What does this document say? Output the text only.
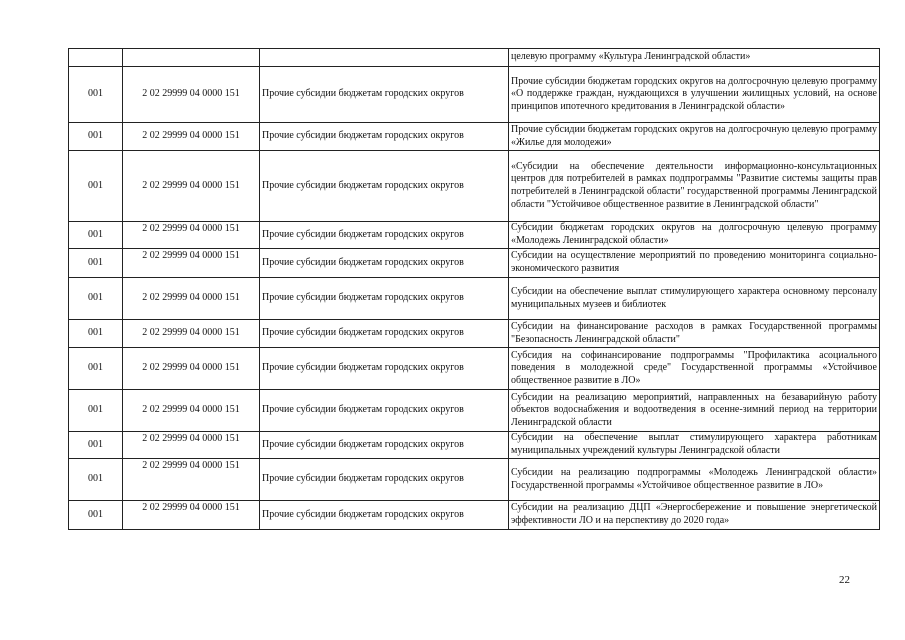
			целевую программу «Культура Ленинградской области»
001	2 02 29999 04 0000 151	Прочие субсидии бюджетам городских округов	Прочие субсидии бюджетам городских округов на долгосрочную целевую программу «О поддержке граждан, нуждающихся в улучшении жилищных условий, на основе принципов ипотечного кредитования в Ленинградской области»
001	2 02 29999 04 0000 151	Прочие субсидии бюджетам городских округов	Прочие субсидии бюджетам городских округов на долгосрочную целевую программу «Жилье для молодежи»
001	2 02 29999 04 0000 151	Прочие субсидии бюджетам городских округов	«Субсидии на обеспечение деятельности информационно-консультационных центров для потребителей в рамках подпрограммы "Развитие системы защиты прав потребителей в Ленинградской области" государственной программы Ленинградской области "Устойчивое общественное развитие в Ленинградской области"
001	2 02 29999 04 0000 151	Прочие субсидии бюджетам городских округов	Субсидии бюджетам городских округов на долгосрочную целевую программу «Молодежь Ленинградской области»
001	2 02 29999 04 0000 151	Прочие субсидии бюджетам городских округов	Субсидии на осуществление мероприятий по проведению мониторинга социально-экономического развития
001	2 02 29999 04 0000 151	Прочие субсидии бюджетам городских округов	Субсидии на обеспечение выплат стимулирующего характера основному персоналу муниципальных музеев и библиотек
001	2 02 29999 04 0000 151	Прочие субсидии бюджетам городских округов	Субсидии на финансирование расходов в рамках Государственной программы "Безопасность Ленинградской области"
001	2 02 29999 04 0000 151	Прочие субсидии бюджетам городских округов	Субсидия на софинансирование подпрограммы "Профилактика асоциального поведения в молодежной среде" Государственной программы «Устойчивое общественное развитие в ЛО»
001	2 02 29999 04 0000 151	Прочие субсидии бюджетам городских округов	Субсидии на реализацию мероприятий, направленных на безаварийную работу объектов водоснабжения и водоотведения в осенне-зимний период на территории Ленинградской области
001	2 02 29999 04 0000 151	Прочие субсидии бюджетам городских округов	Субсидии на обеспечение выплат стимулирующего характера работникам муниципальных учреждений культуры Ленинградской области
001	2 02 29999 04 0000 151	Прочие субсидии бюджетам городских округов	Субсидии на реализацию подпрограммы «Молодежь Ленинградской области» Государственной программы «Устойчивое общественное развитие в ЛО»
001	2 02 29999 04 0000 151	Прочие субсидии бюджетам городских округов	Субсидии на реализацию ДЦП «Энергосбережение и повышение энергетической эффективности ЛО и на перспективу до 2020 года»
22
